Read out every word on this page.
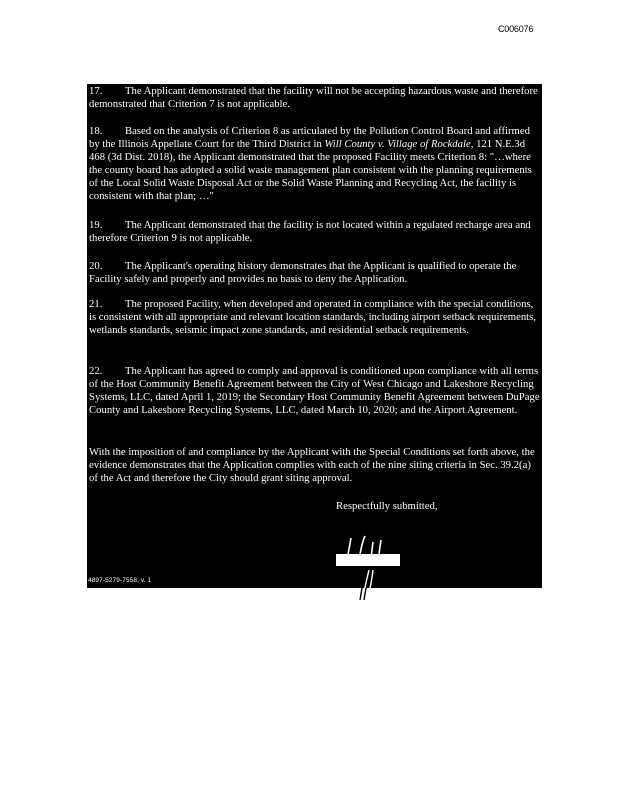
C006076

17. The Applicant demonstrated that the facility will not be accepting hazardous waste and therefore demonstrated that Criterion 7 is not applicable.

18. Based on the analysis of Criterion 8 as articulated by the Pollution Control Board and affirmed by the Illinois Appellate Court for the Third District in Will County v. Village of Rockdale, 121 N.E.3d 468 (3d Dist. 2018), the Applicant demonstrated that the proposed Facility meets Criterion 8: "…where the county board has adopted a solid waste management plan consistent with the planning requirements of the Local Solid Waste Disposal Act or the Solid Waste Planning and Recycling Act, the facility is consistent with that plan; …"

19. The Applicant demonstrated that the facility is not located within a regulated recharge area and therefore Criterion 9 is not applicable.

20. The Applicant's operating history demonstrates that the Applicant is qualified to operate the Facility safely and properly and provides no basis to deny the Application.

21. The proposed Facility, when developed and operated in compliance with the special conditions, is consistent with all appropriate and relevant location standards, including airport setback requirements, wetlands standards, seismic impact zone standards, and residential setback requirements.

22. The Applicant has agreed to comply and approval is conditioned upon compliance with all terms of the Host Community Benefit Agreement between the City of West Chicago and Lakeshore Recycling Systems, LLC, dated April 1, 2019; the Secondary Host Community Benefit Agreement between DuPage County and Lakeshore Recycling Systems, LLC, dated March 10, 2020; and the Airport Agreement.

With the imposition of and compliance by the Applicant with the Special Conditions set forth above, the evidence demonstrates that the Application complies with each of the nine siting criteria in Sec. 39.2(a) of the Act and therefore the City should grant siting approval.

Respectfully submitted,
4897-5279-7558, v. 1
